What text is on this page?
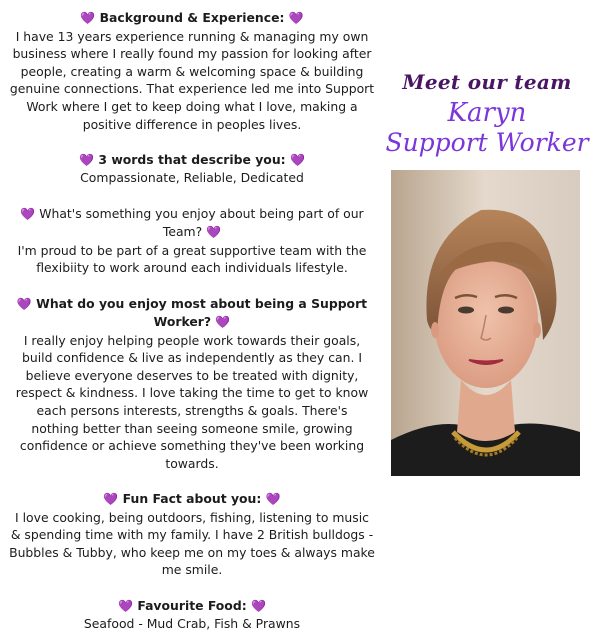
💜 Background & Experience: 💜
I have 13 years experience running & managing my own
business where I really found my passion for looking after
people, creating a warm & welcoming space & building
genuine connections. That experience led me into Support
Work where I get to keep doing what I love, making a
positive difference in peoples lives.
💜 3 words that describe you: 💜
Compassionate, Reliable, Dedicated
💜 What's something you enjoy about being part of our
Team? 💜
I'm proud to be part of a great supportive team with the
flexibiity to work around each individuals lifestyle.
💜 What do you enjoy most about being a Support
Worker? 💜
I really enjoy helping people work towards their goals,
build confidence & live as independently as they can. I
believe everyone deserves to be treated with dignity,
respect & kindness. I love taking the time to get to know
each persons interests, strengths & goals. There's
nothing better than seeing someone smile, growing
confidence or achieve something they've been working
towards.
💜 Fun Fact about you: 💜
I love cooking, being outdoors, fishing, listening to music
& spending time with my family. I have 2 British bulldogs -
Bubbles & Tubby, who keep me on my toes & always make
me smile.
💜 Favourite Food: 💜
Seafood - Mud Crab, Fish & Prawns
Meet our team
Karyn
Support Worker
